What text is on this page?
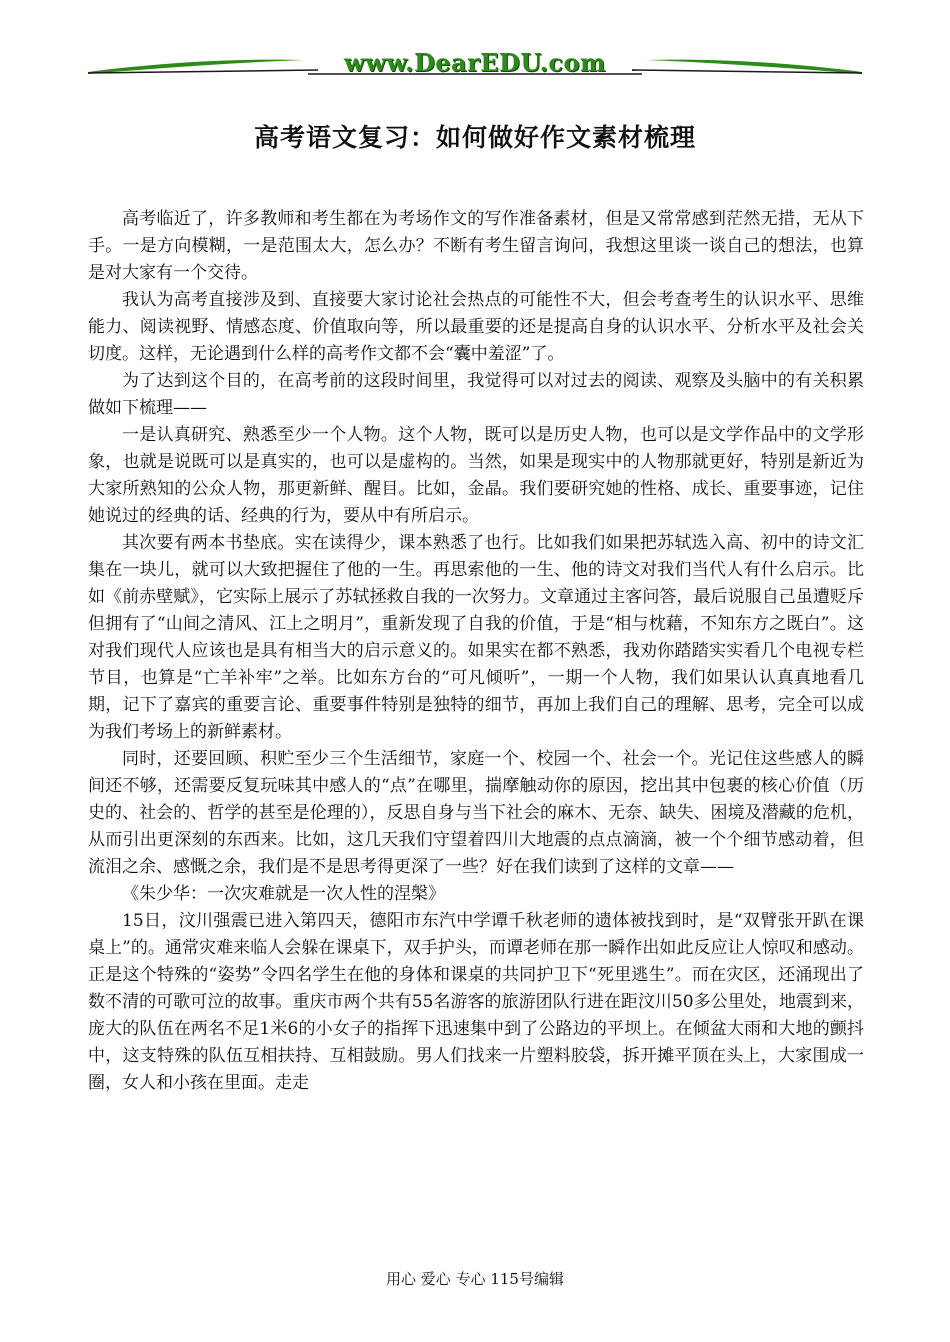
www.DearEDU.com
高考语文复习：如何做好作文素材梳理

高考临近了，许多教师和考生都在为考场作文的写作准备素材，但是又常常感到茫然无措，无从下手。一是方向模糊，一是范围太大，怎么办？不断有考生留言询问，我想这里谈一谈自己的想法，也算是对大家有一个交待。

我认为高考直接涉及到、直接要大家讨论社会热点的可能性不大，但会考查考生的认识水平、思维能力、阅读视野、情感态度、价值取向等，所以最重要的还是提高自身的认识水平、分析水平及社会关切度。这样，无论遇到什么样的高考作文都不会“囊中羞涩”了。

为了达到这个目的，在高考前的这段时间里，我觉得可以对过去的阅读、观察及头脑中的有关积累做如下梳理——

一是认真研究、熟悉至少一个人物。这个人物，既可以是历史人物，也可以是文学作品中的文学形象，也就是说既可以是真实的，也可以是虚构的。当然，如果是现实中的人物那就更好，特别是新近为大家所熟知的公众人物，那更新鲜、醒目。比如，金晶。我们要研究她的性格、成长、重要事迹，记住她说过的经典的话、经典的行为，要从中有所启示。

其次要有两本书垫底。实在读得少，课本熟悉了也行。比如我们如果把苏轼选入高、初中的诗文汇集在一块儿，就可以大致把握住了他的一生。再思索他的一生、他的诗文对我们当代人有什么启示。比如《前赤壁赋》，它实际上展示了苏轼拯救自我的一次努力。文章通过主客问答，最后说服自己虽遭贬斥但拥有了“山间之清风、江上之明月”，重新发现了自我的价值，于是“相与枕藉，不知东方之既白”。这对我们现代人应该也是具有相当大的启示意义的。如果实在都不熟悉，我劝你踏踏实实看几个电视专栏节目，也算是“亡羊补牢”之举。比如东方台的“可凡倾听”，一期一个人物，我们如果认认真真地看几期，记下了嘉宾的重要言论、重要事件特别是独特的细节，再加上我们自己的理解、思考，完全可以成为我们考场上的新鲜素材。

同时，还要回顾、积贮至少三个生活细节，家庭一个、校园一个、社会一个。光记住这些感人的瞬间还不够，还需要反复玩味其中感人的“点”在哪里，揣摩触动你的原因，挖出其中包裹的核心价值（历史的、社会的、哲学的甚至是伦理的），反思自身与当下社会的麻木、无奈、缺失、困境及潜藏的危机，从而引出更深刻的东西来。比如，这几天我们守望着四川大地震的点点滴滴，被一个个细节感动着，但流泪之余、感慨之余，我们是不是思考得更深了一些？好在我们读到了这样的文章——

《朱少华：一次灾难就是一次人性的涅槃》

15日，汶川强震已进入第四天，德阳市东汽中学谭千秋老师的遗体被找到时，是“双臂张开趴在课桌上”的。通常灾难来临人会躲在课桌下，双手护头，而谭老师在那一瞬作出如此反应让人惊叹和感动。正是这个特殊的“姿势”令四名学生在他的身体和课桌的共同护卫下“死里逃生”。而在灾区，还涌现出了数不清的可歌可泣的故事。重庆市两个共有55名游客的旅游团队行进在距汶川50多公里处，地震到来，庞大的队伍在两名不足1米6的小女子的指挥下迅速集中到了公路边的平坝上。在倾盆大雨和大地的颤抖中，这支特殊的队伍互相扶持、互相鼓励。男人们找来一片塑料胶袋，拆开摊平顶在头上，大家围成一圈，女人和小孩在里面。走走

用心 爱心 专心 115号编辑
